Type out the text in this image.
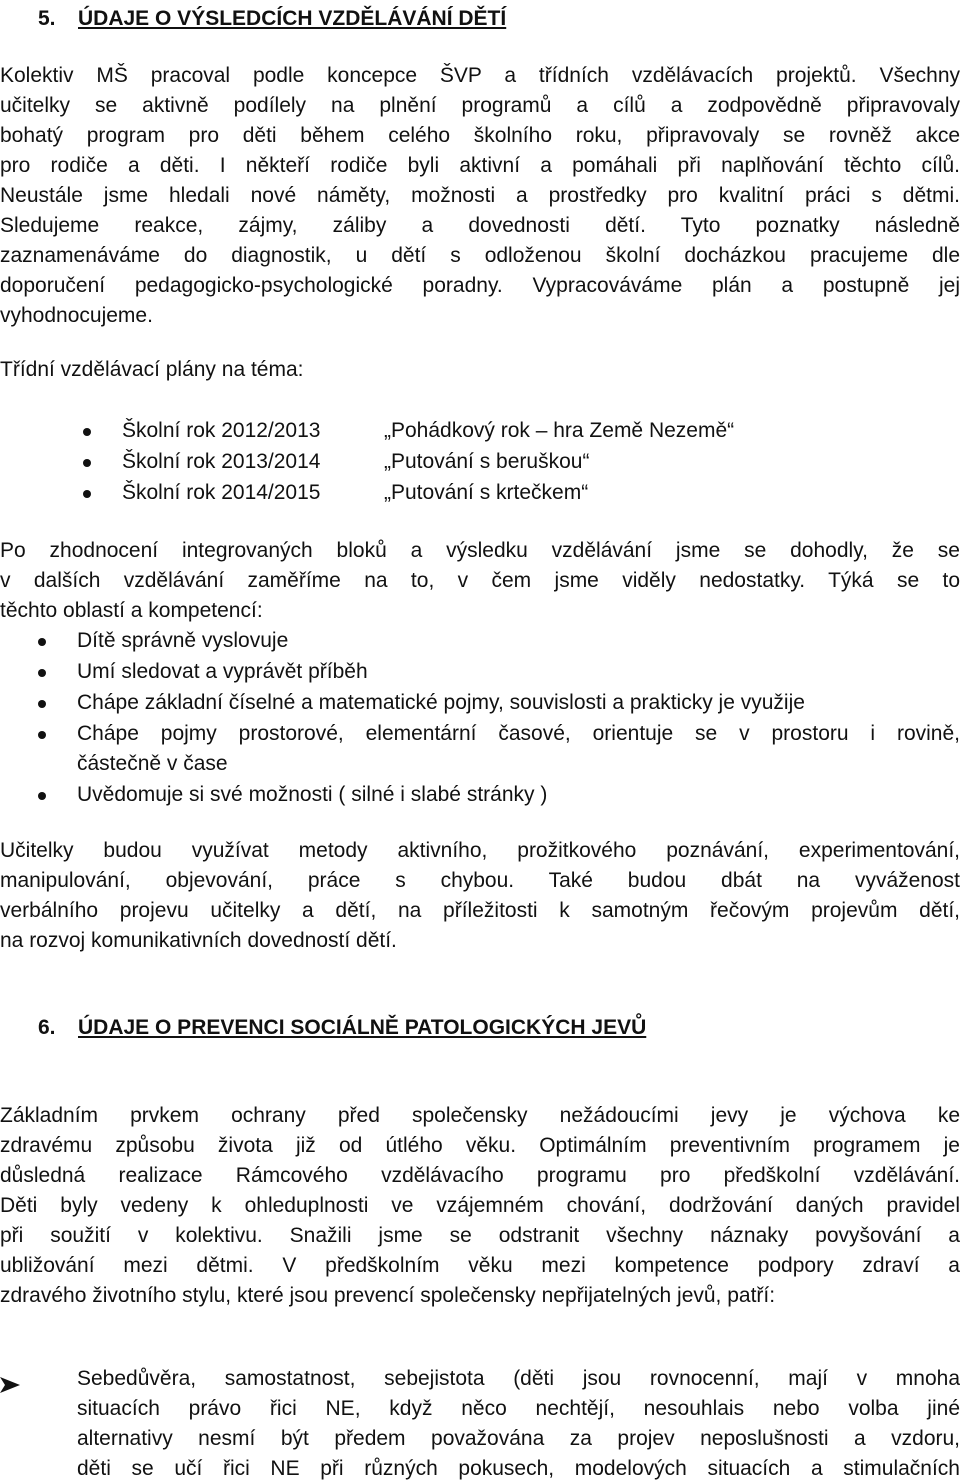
5. ÚDAJE O VÝSLEDCÍCH VZDĚLÁVÁNÍ DĚTÍ
Kolektiv MŠ pracoval podle koncepce ŠVP a třídních vzdělávacích projektů. Všechny
učitelky se aktivně podílely na plnění programů a cílů a zodpovědně připravovaly
bohatý program pro děti během celého školního roku, připravovaly se rovněž akce
pro rodiče a děti. I někteří rodiče byli aktivní a pomáhali při naplňování těchto cílů.
Neustále jsme hledali nové náměty, možnosti a prostředky pro kvalitní práci s dětmi.
Sledujeme reakce, zájmy, záliby a dovednosti dětí. Tyto poznatky následně
zaznamenáváme do diagnostik, u dětí s odloženou školní docházkou pracujeme dle
doporučení pedagogicko-psychologické poradny. Vypracováváme plán a postupně jej
vyhodnocujeme.
Třídní vzdělávací plány na téma:
Školní rok 2012/2013	„Pohádkový rok – hra Země Nezemě“
Školní rok 2013/2014	„Putování s beruškou“
Školní rok 2014/2015	„Putování s krtečkem“
Po zhodnocení integrovaných bloků a výsledku vzdělávání jsme se dohodly, že se
v dalších vzdělávání zaměříme na to, v čem jsme viděly nedostatky. Týká se to
těchto oblastí a kompetencí:
Dítě správně vyslovuje
Umí sledovat a vyprávět příběh
Chápe základní číselné a matematické pojmy, souvislosti a prakticky je využije
Chápe pojmy prostorové, elementární časové, orientuje se v prostoru i rovině,
částečně v čase
Uvědomuje si své možnosti ( silné i slabé stránky )
Učitelky budou využívat metody aktivního, prožitkového poznávání, experimentování,
manipulování, objevování, práce s chybou. Také budou dbát na vyváženost
verbálního projevu učitelky a dětí, na příležitosti k samotným řečovým projevům dětí,
na rozvoj komunikativních dovedností dětí.
6. ÚDAJE O PREVENCI SOCIÁLNĚ PATOLOGICKÝCH JEVŮ
Základním prvkem ochrany před společensky nežádoucími jevy je výchova ke
zdravému způsobu života již od útlého věku. Optimálním preventivním programem je
důsledná realizace Rámcového vzdělávacího programu pro předškolní vzdělávání.
Děti byly vedeny k ohleduplnosti ve vzájemném chování, dodržování daných pravidel
při soužití v kolektivu. Snažili jsme se odstranit všechny náznaky povyšování a
ubližování mezi dětmi. V předškolním věku mezi kompetence podpory zdraví a
zdravého životního stylu, které jsou prevencí společensky nepřijatelných jevů, patří:
Sebedůvěra, samostatnost, sebejistota (děti jsou rovnocenní, mají v mnoha
situacích právo řici NE, když něco nechtějí, nesouhlais nebo volba jiné
alternativy nesmí být předem považována za projev neposlušnosti a vzdoru,
děti se učí řici NE při různých pokusech, modelových situacích a stimulačních
